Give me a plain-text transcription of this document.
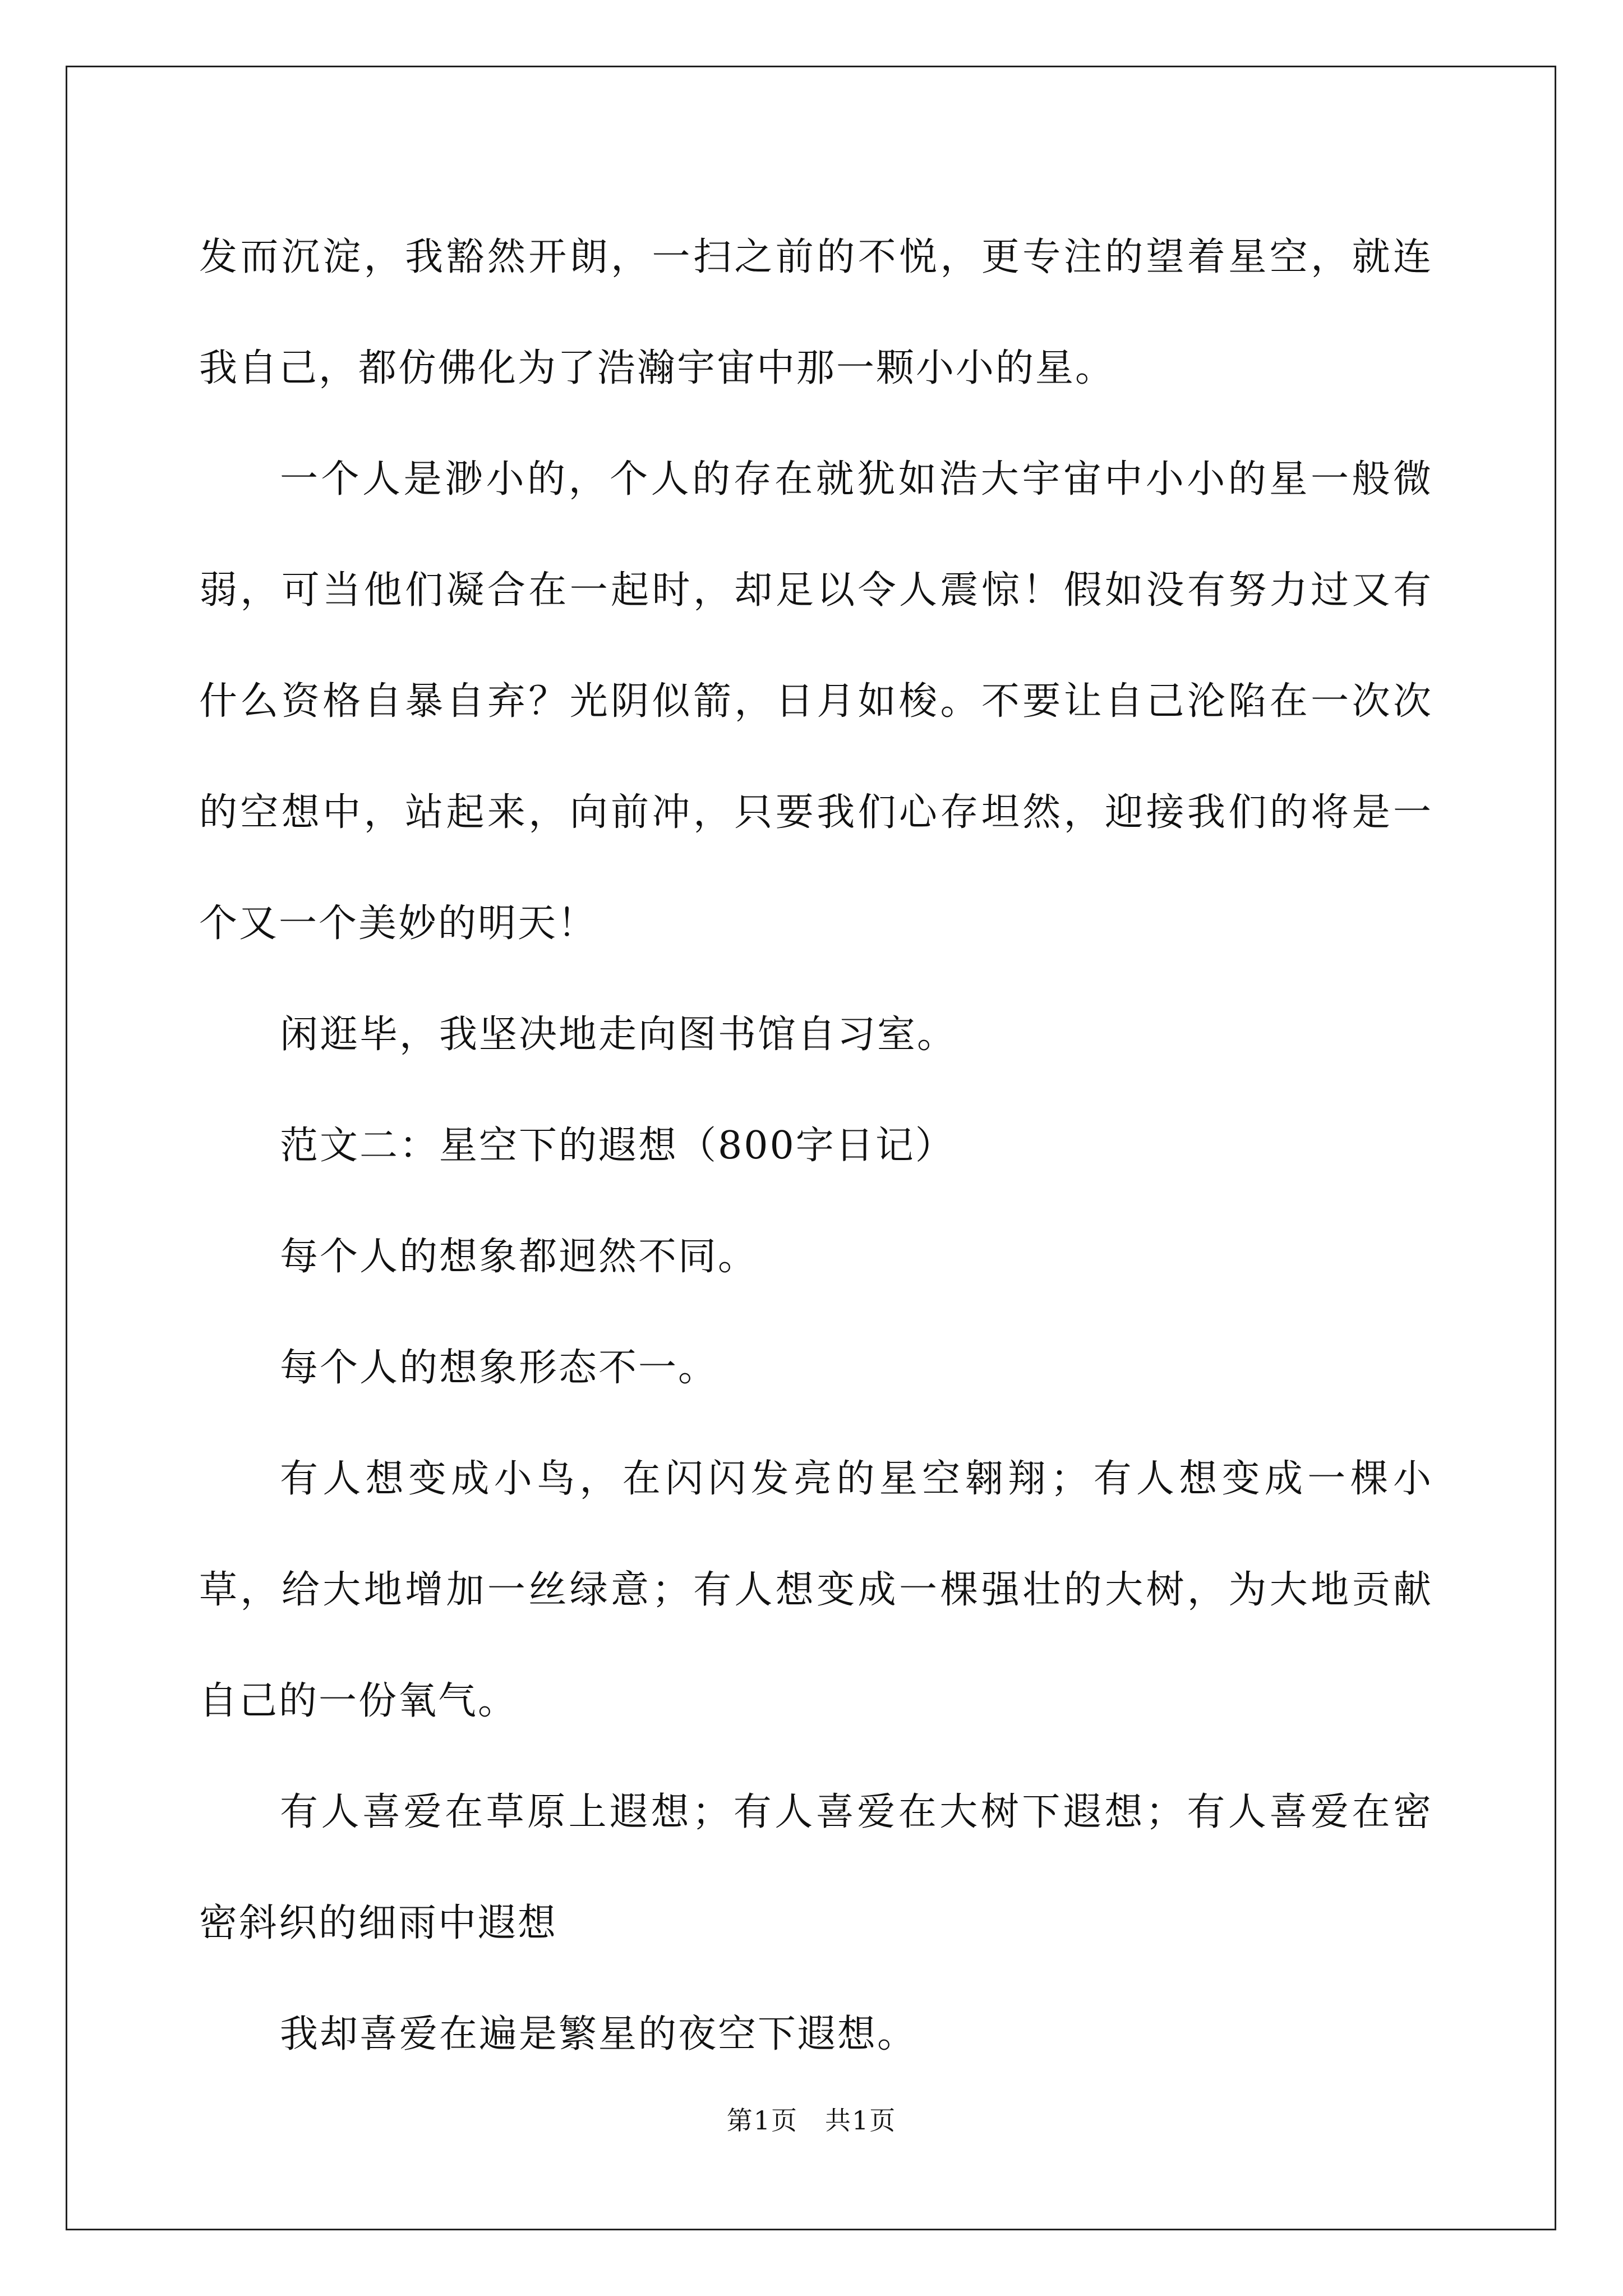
发而沉淀，我豁然开朗，一扫之前的不悦，更专注的望着星空，就连我自己，都仿佛化为了浩瀚宇宙中那一颗小小的星。

一个人是渺小的，个人的存在就犹如浩大宇宙中小小的星一般微弱，可当他们凝合在一起时，却足以令人震惊！假如没有努力过又有什么资格自暴自弃？光阴似箭，日月如梭。不要让自己沦陷在一次次的空想中，站起来，向前冲，只要我们心存坦然，迎接我们的将是一个又一个美妙的明天！

闲逛毕，我坚决地走向图书馆自习室。

范文二：星空下的遐想（800字日记）

每个人的想象都迥然不同。

每个人的想象形态不一。

有人想变成小鸟，在闪闪发亮的星空翱翔；有人想变成一棵小草，给大地增加一丝绿意；有人想变成一棵强壮的大树，为大地贡献自己的一份氧气。

有人喜爱在草原上遐想；有人喜爱在大树下遐想；有人喜爱在密密斜织的细雨中遐想

我却喜爱在遍是繁星的夜空下遐想。

第1页　共1页
